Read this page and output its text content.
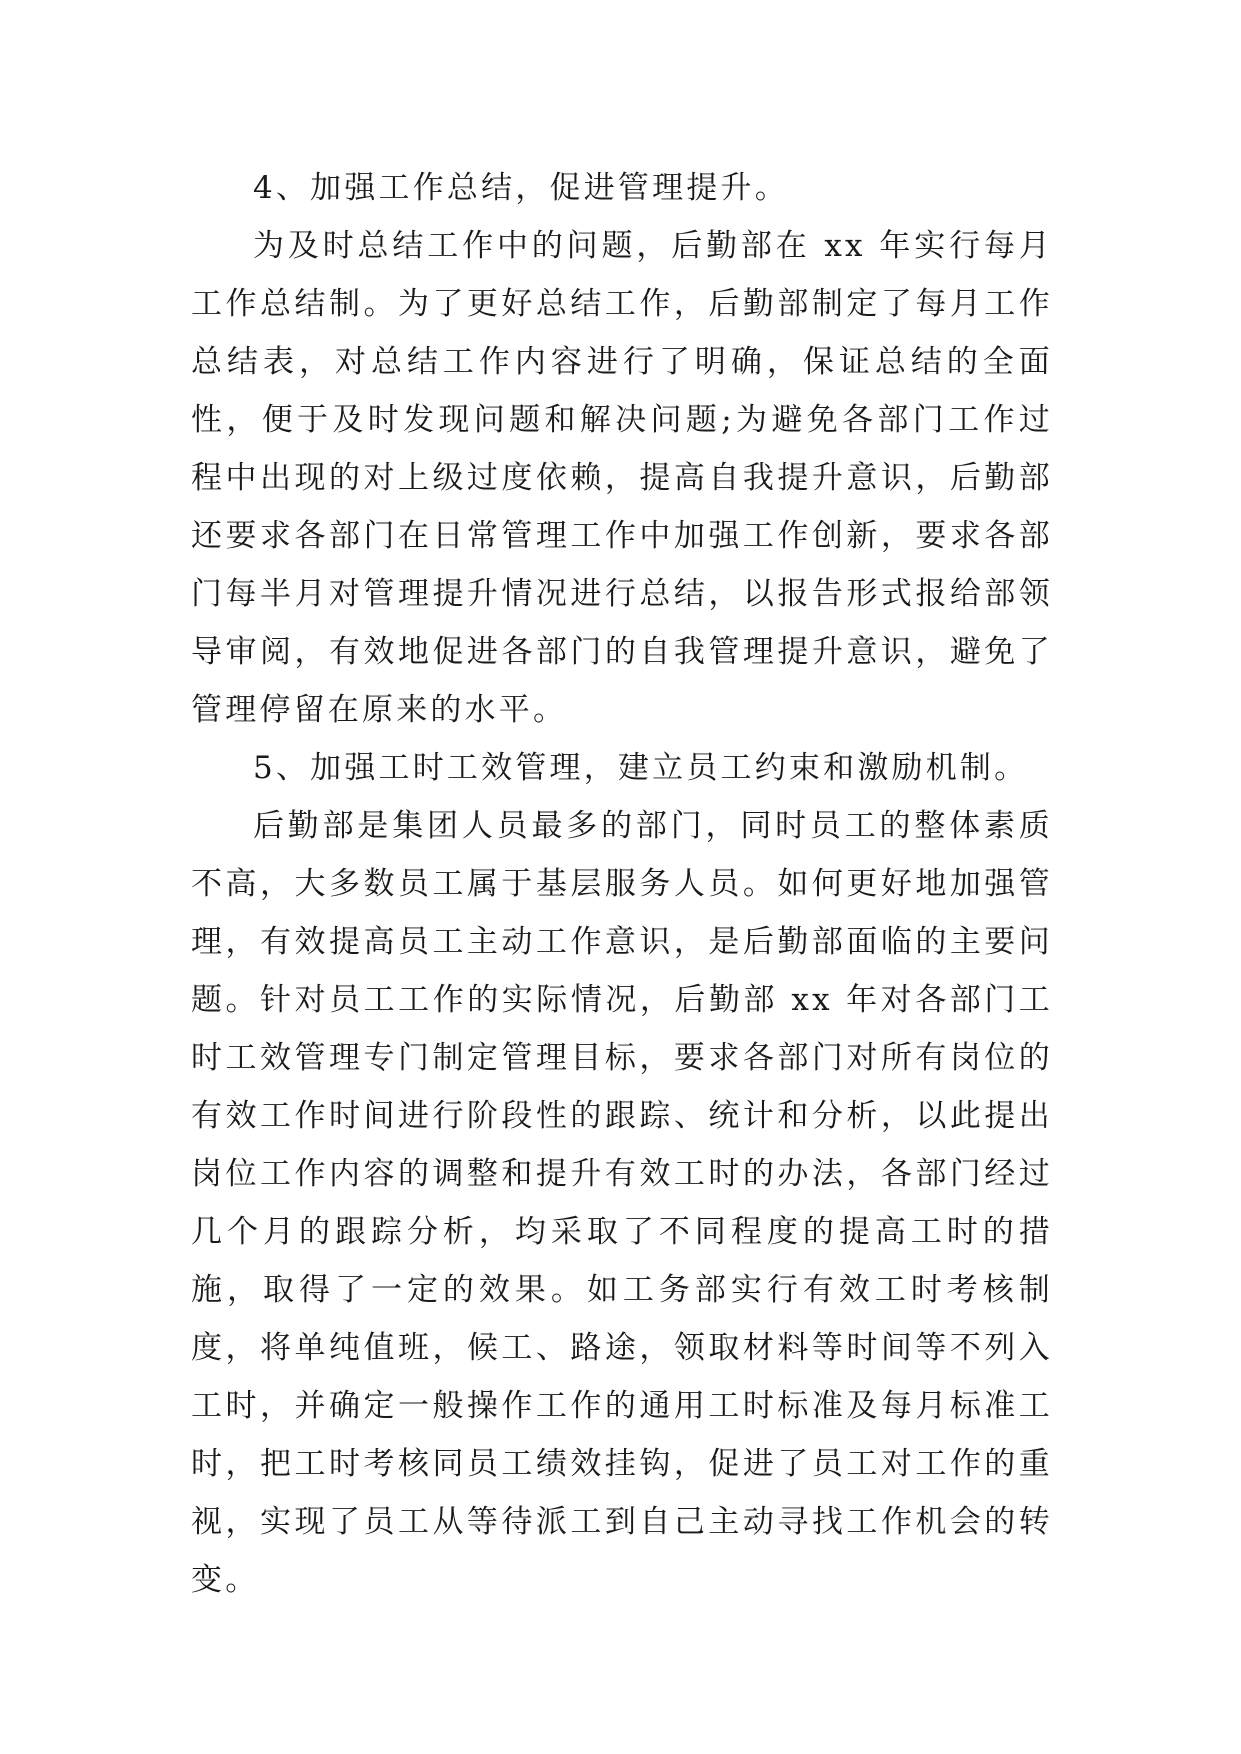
4、加强工作总结，促进管理提升。

为及时总结工作中的问题，后勤部在 xx 年实行每月工作总结制。为了更好总结工作，后勤部制定了每月工作总结表，对总结工作内容进行了明确，保证总结的全面性，便于及时发现问题和解决问题;为避免各部门工作过程中出现的对上级过度依赖，提高自我提升意识，后勤部还要求各部门在日常管理工作中加强工作创新，要求各部门每半月对管理提升情况进行总结，以报告形式报给部领导审阅，有效地促进各部门的自我管理提升意识，避免了管理停留在原来的水平。

5、加强工时工效管理，建立员工约束和激励机制。

后勤部是集团人员最多的部门，同时员工的整体素质不高，大多数员工属于基层服务人员。如何更好地加强管理，有效提高员工主动工作意识，是后勤部面临的主要问题。针对员工工作的实际情况，后勤部 xx 年对各部门工时工效管理专门制定管理目标，要求各部门对所有岗位的有效工作时间进行阶段性的跟踪、统计和分析，以此提出岗位工作内容的调整和提升有效工时的办法，各部门经过几个月的跟踪分析，均采取了不同程度的提高工时的措施，取得了一定的效果。如工务部实行有效工时考核制度，将单纯值班，候工、路途，领取材料等时间等不列入工时，并确定一般操作工作的通用工时标准及每月标准工时，把工时考核同员工绩效挂钩，促进了员工对工作的重视，实现了员工从等待派工到自己主动寻找工作机会的转变。
